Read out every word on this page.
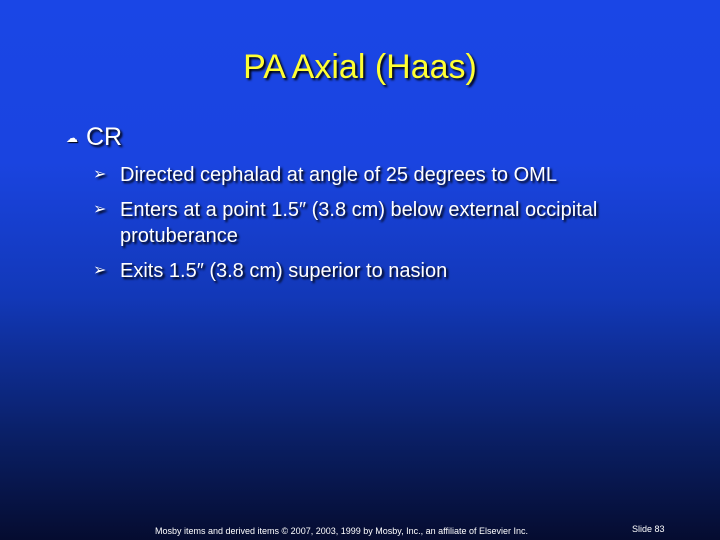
PA Axial (Haas)
☁ CR
➢ Directed cephalad at angle of 25 degrees to OML
➢ Enters at a point 1.5″ (3.8 cm) below external occipital protuberance
➢ Exits 1.5″ (3.8 cm) superior to nasion
Mosby items and derived items © 2007, 2003, 1999 by Mosby, Inc., an affiliate of Elsevier Inc.	Slide 83
